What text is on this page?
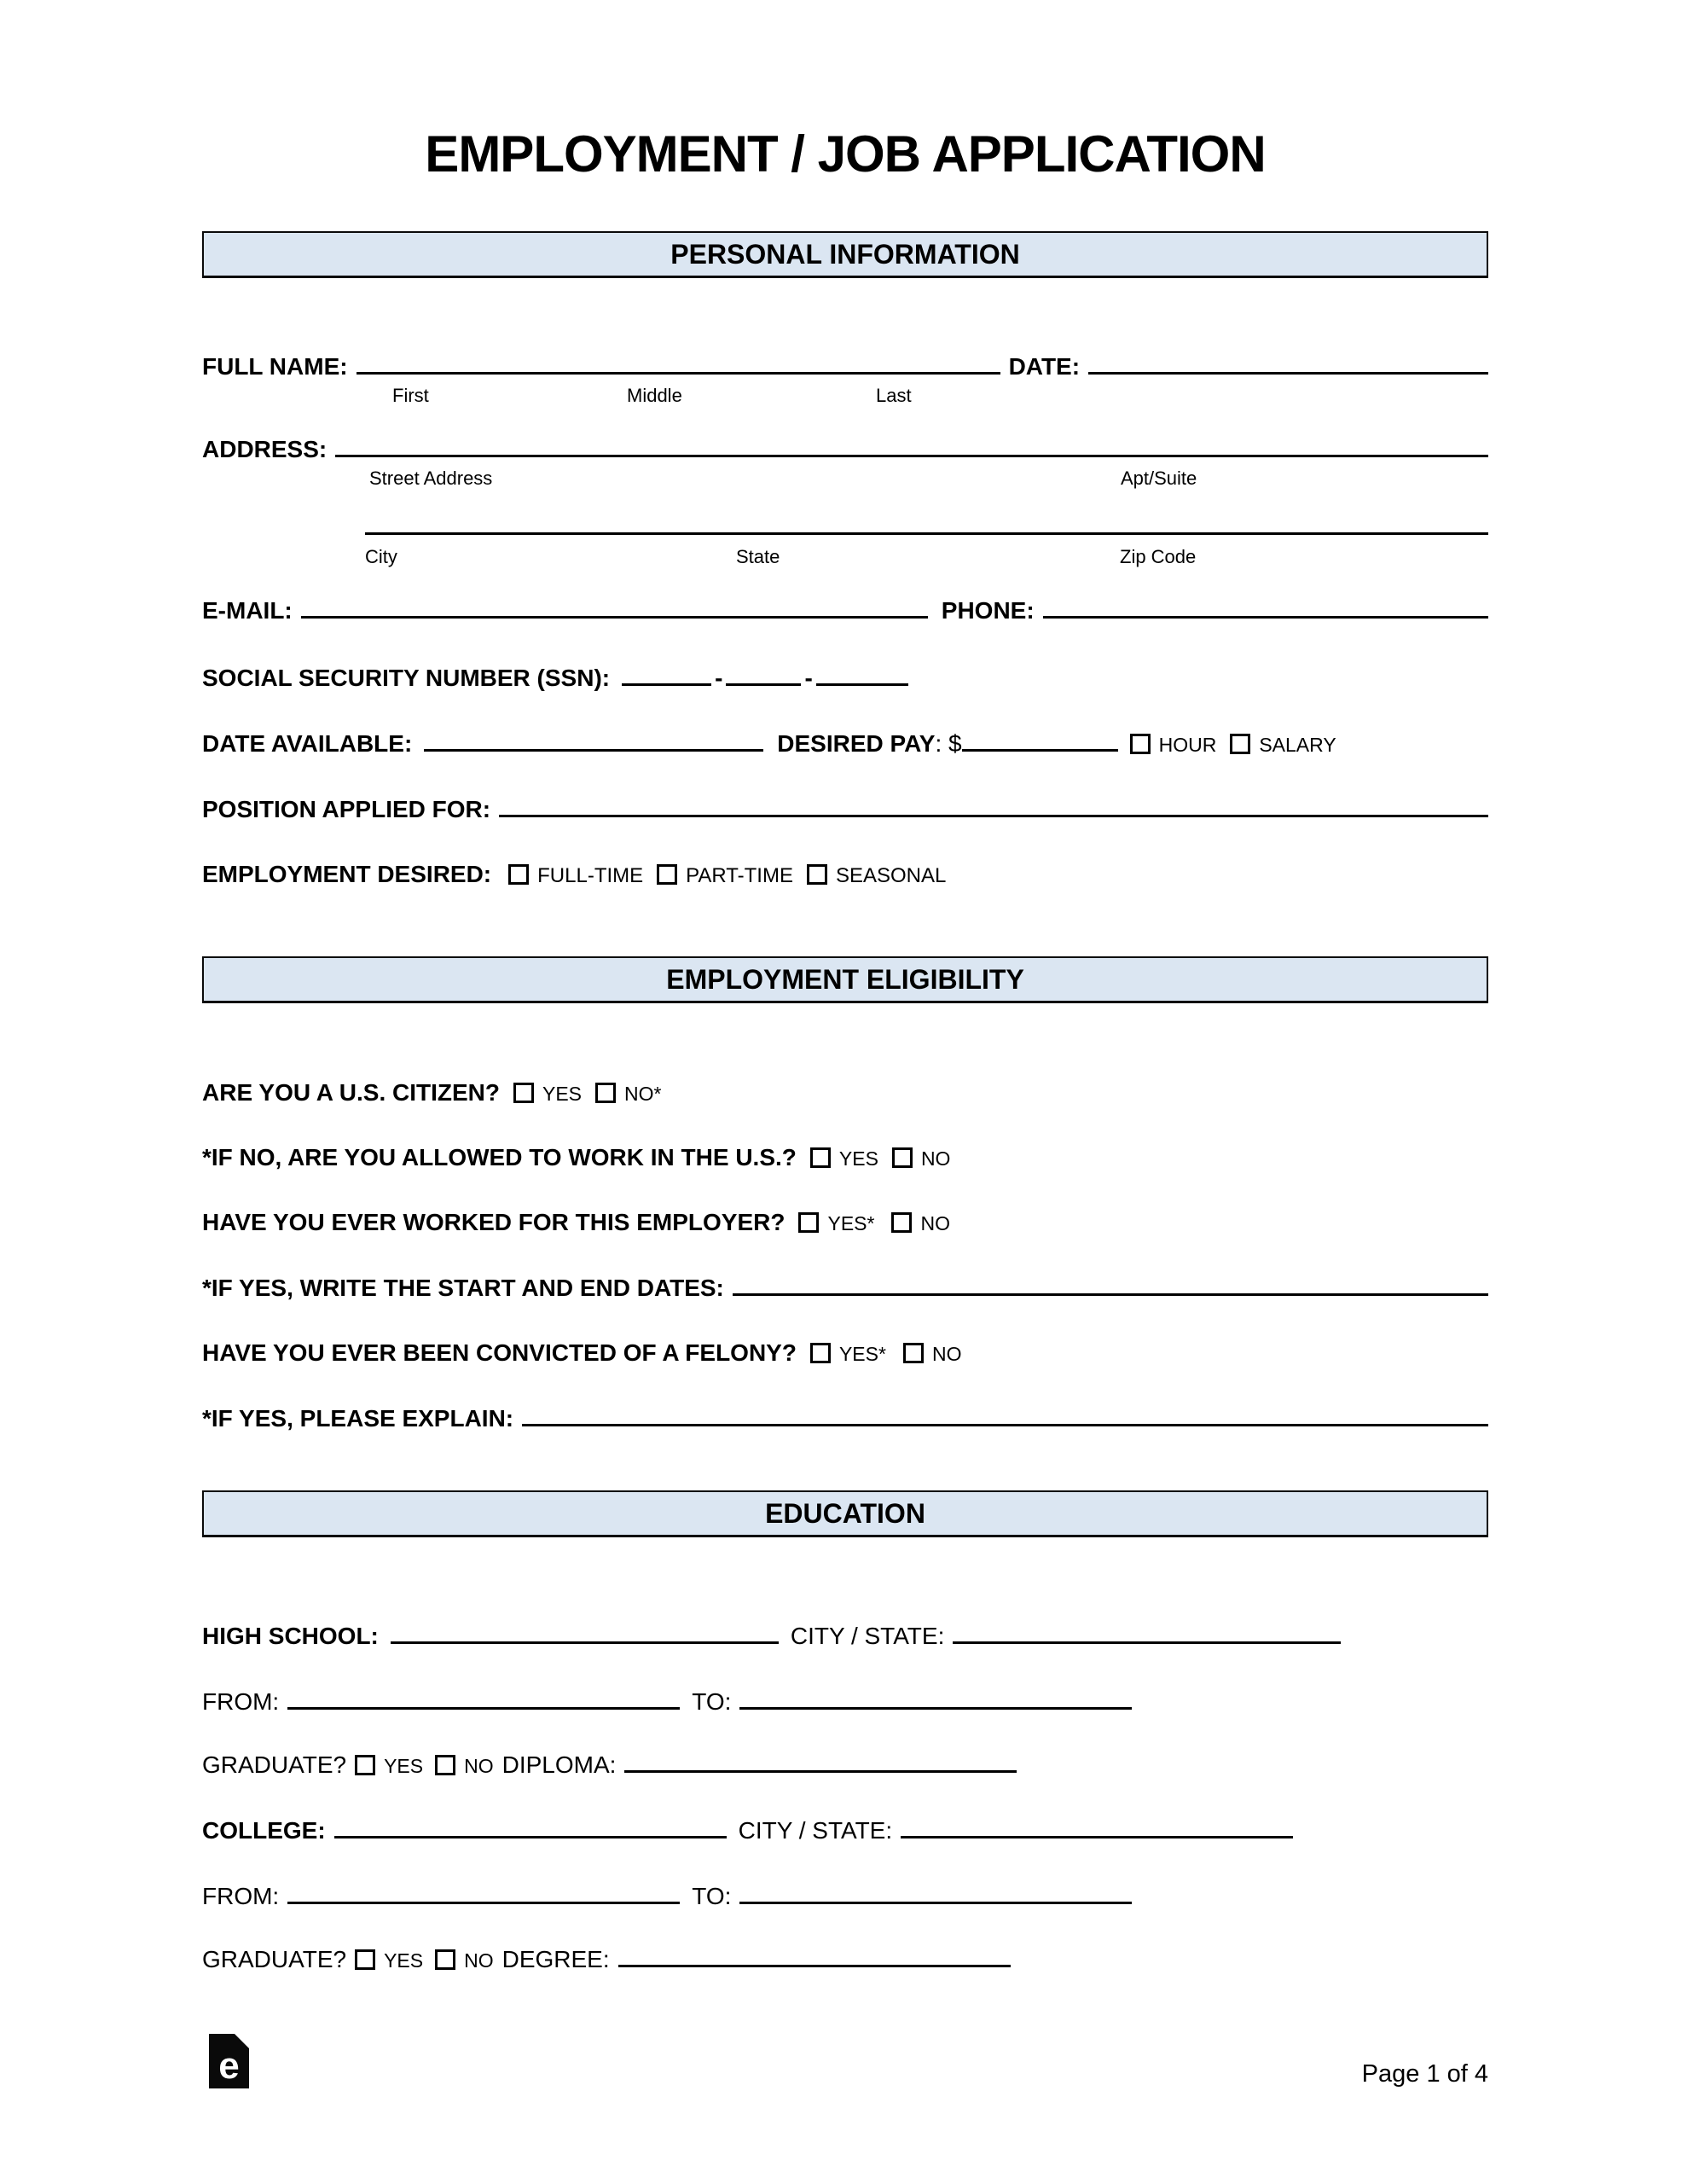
EMPLOYMENT / JOB APPLICATION
PERSONAL INFORMATION
FULL NAME:	DATE:
First	Middle	Last
ADDRESS:
Street Address	Apt/Suite
City	State	Zip Code
E-MAIL:	PHONE:
SOCIAL SECURITY NUMBER (SSN):	-	-
DATE AVAILABLE:	DESIRED PAY : $	HOUR SALARY
POSITION APPLIED FOR:
EMPLOYMENT DESIRED: FULL-TIME PART-TIME SEASONAL
EMPLOYMENT ELIGIBILITY
ARE YOU A U.S. CITIZEN? YES NO*
*IF NO, ARE YOU ALLOWED TO WORK IN THE U.S.? YES NO
HAVE YOU EVER WORKED FOR THIS EMPLOYER? YES* NO
*IF YES, WRITE THE START AND END DATES:
HAVE YOU EVER BEEN CONVICTED OF A FELONY? YES* NO
*IF YES, PLEASE EXPLAIN:
EDUCATION
HIGH SCHOOL:	CITY / STATE:
FROM:	TO:
GRADUATE? YES NO DIPLOMA:
COLLEGE:	CITY / STATE:
FROM:	TO:
GRADUATE? YES NO DEGREE:
e	Page 1 of 4
